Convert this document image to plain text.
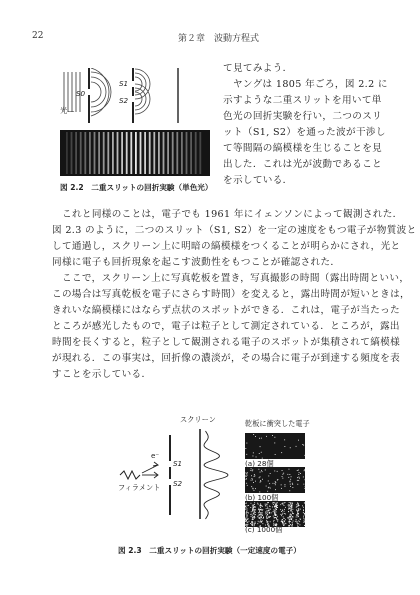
22	第２章　波動方程式
光—
S0
S1
S2
図 2.2　二重スリットの回折実験（単色光）
て見てみよう．
ヤングは 1805 年ごろ，図 2.2 に
示すような二重スリットを用いて単
色光の回折実験を行い，二つのスリ
ット（S1, S2）を通った波が干渉し
て等間隔の縞模様を生じることを見
出した．これは光が波動であること
を示している．
これと同様のことは，電子でも 1961 年にイェンソンによって観測された．
図 2.3 のように，二つのスリット（S1, S2）を一定の速度をもつ電子が物質波と
して通過し，スクリーン上に明暗の縞模様をつくることが明らかにされ，光と
同様に電子も回折現象を起こす波動性をもつことが確認された．
ここで，スクリーン上に写真乾板を置き，写真撮影の時間（露出時間といい，
この場合は写真乾板を電子にさらす時間）を変えると，露出時間が短いときは，
きれいな縞模様にはならず点状のスポットができる．これは，電子が当たった
ところが感光したもので，電子は粒子として測定されている．ところが，露出
時間を長くすると，粒子として観測される電子のスポットが集積されて縞模様
が現れる．この事実は，回折像の濃淡が，その場合に電子が到達する頻度を表
すことを示している．
スクリーン	乾板に衝突した電子
フィラメント
e⁻
S1
S2
(a) 28個
(b) 100個
(c) 1000個
図 2.3　二重スリットの回折実験（一定速度の電子）
